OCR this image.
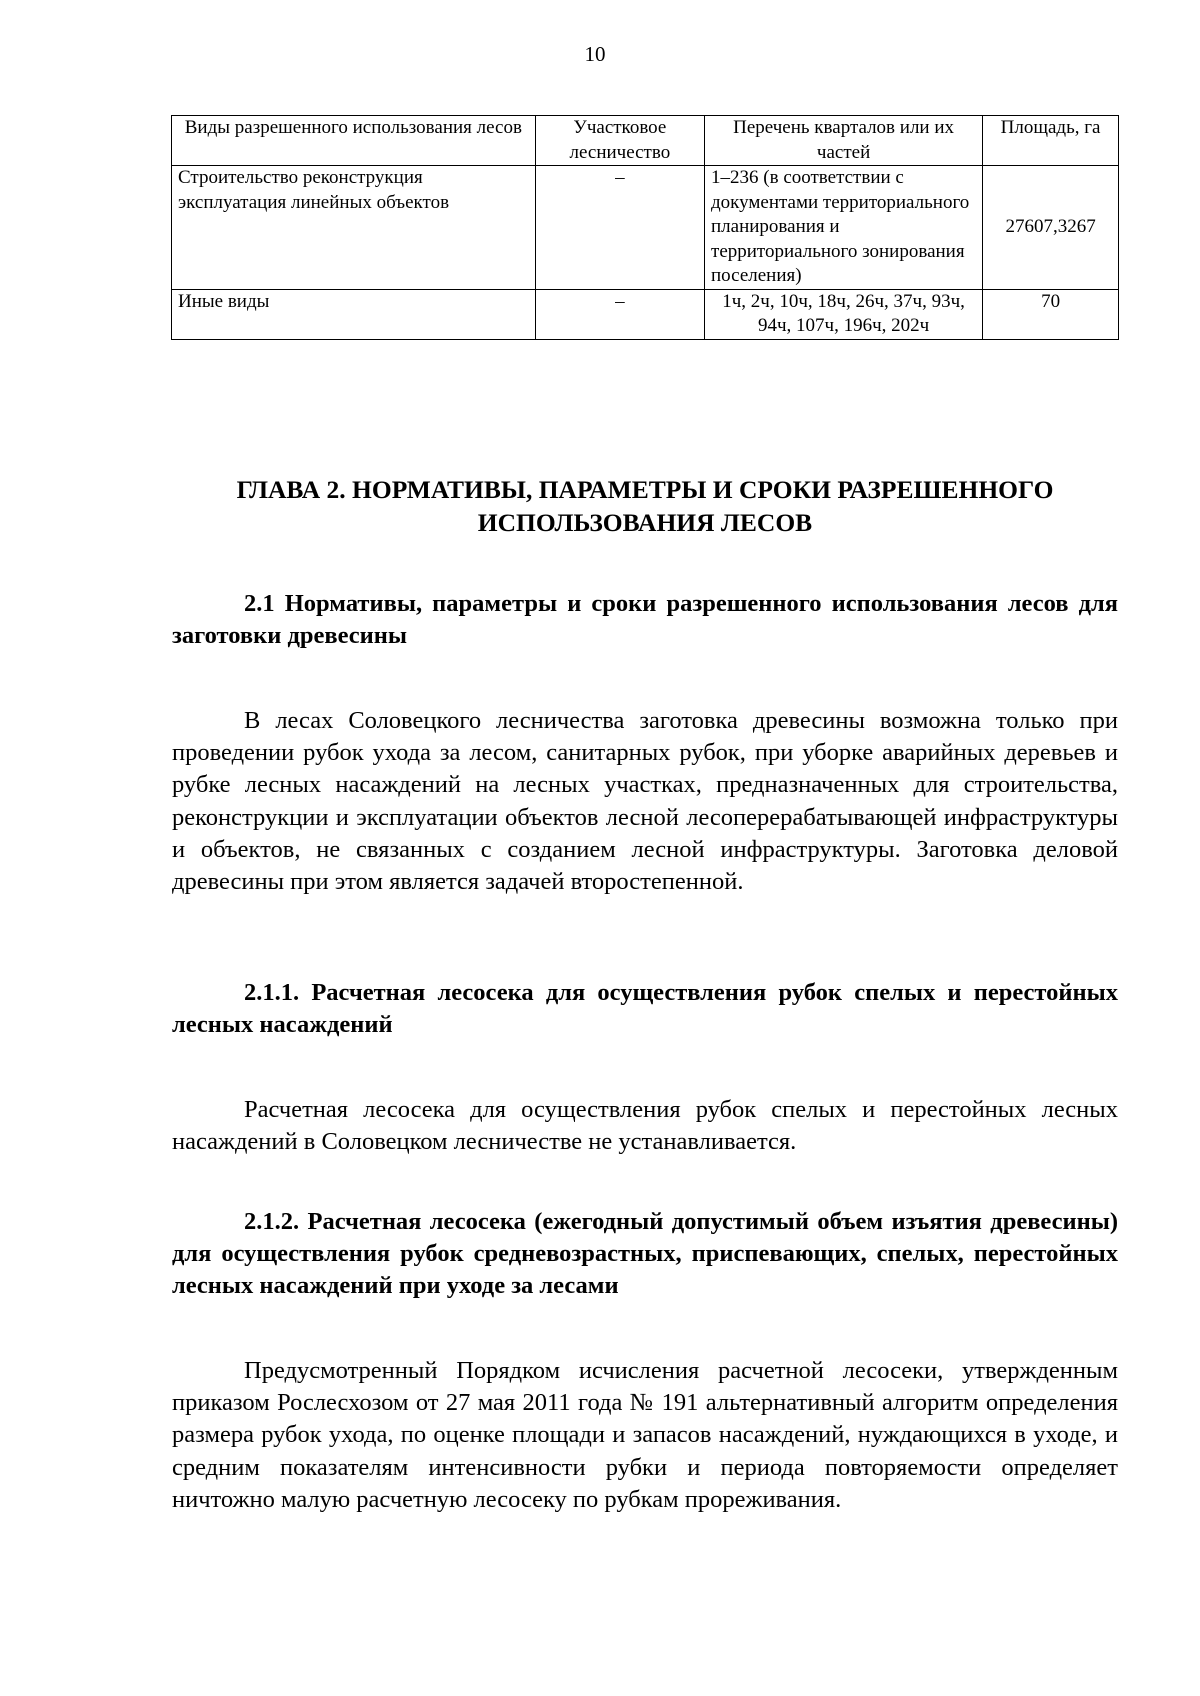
10
Виды разрешенного использования лесов	Участковое лесничество	Перечень кварталов или их частей	Площадь, га
Строительство реконструкция эксплуатация линейных объектов	–	1–236 (в соответствии с документами территориального планирования и территориального зонирования поселения)	27607,3267
Иные виды	–	1ч, 2ч, 10ч, 18ч, 26ч, 37ч, 93ч, 94ч, 107ч, 196ч, 202ч	70
ГЛАВА 2. НОРМАТИВЫ, ПАРАМЕТРЫ И СРОКИ РАЗРЕШЕННОГО
ИСПОЛЬЗОВАНИЯ ЛЕСОВ
2.1 Нормативы, параметры и сроки разрешенного использования лесов для заготовки древесины
В лесах Соловецкого лесничества заготовка древесины возможна только при проведении рубок ухода за лесом, санитарных рубок, при уборке аварийных деревьев и рубке лесных насаждений на лесных участках, предназначенных для строительства, реконструкции и эксплуатации объектов лесной лесоперерабатывающей инфраструктуры и объектов, не связанных с созданием лесной инфраструктуры. Заготовка деловой древесины при этом является задачей второстепенной.
2.1.1. Расчетная лесосека для осуществления рубок спелых и перестойных лесных насаждений
Расчетная лесосека для осуществления рубок спелых и перестойных лесных насаждений в Соловецком лесничестве не устанавливается.
2.1.2. Расчетная лесосека (ежегодный допустимый объем изъятия древесины) для осуществления рубок средневозрастных, приспевающих, спелых, перестойных лесных насаждений при уходе за лесами
Предусмотренный Порядком исчисления расчетной лесосеки, утвержденным приказом Рослесхозом от 27 мая 2011 года № 191 альтернативный алгоритм определения размера рубок ухода, по оценке площади и запасов насаждений, нуждающихся в уходе, и средним показателям интенсивности рубки и периода повторяемости определяет ничтожно малую расчетную лесосеку по рубкам прореживания.
